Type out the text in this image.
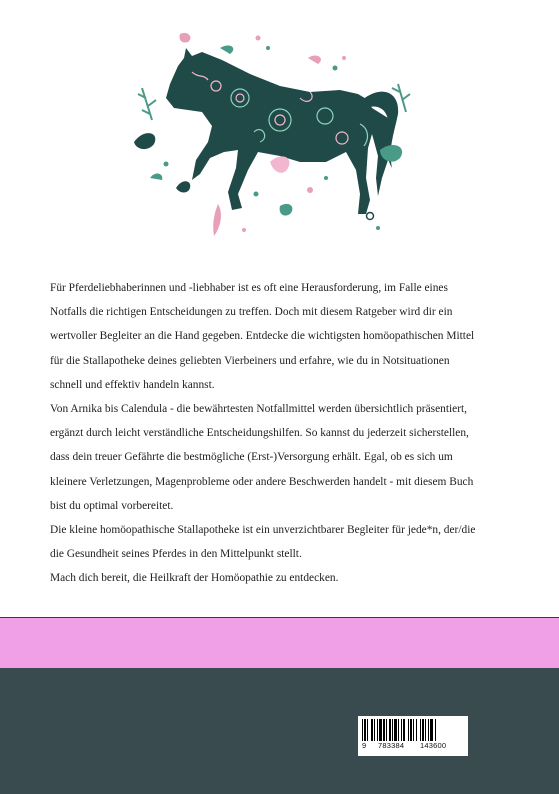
Für Pferdeliebhaberinnen und -liebhaber ist es oft eine Herausforderung, im Falle eines
Notfalls die richtigen Entscheidungen zu treffen. Doch mit diesem Ratgeber wird dir ein
wertvoller Begleiter an die Hand gegeben. Entdecke die wichtigsten homöopathischen Mittel
für die Stallapotheke deines geliebten Vierbeiners und erfahre, wie du in Notsituationen
schnell und effektiv handeln kannst.
Von Arnika bis Calendula - die bewährtesten Notfallmittel werden übersichtlich präsentiert,
ergänzt durch leicht verständliche Entscheidungshilfen. So kannst du jederzeit sicherstellen,
dass dein treuer Gefährte die bestmögliche (Erst-)Versorgung erhält. Egal, ob es sich um
kleinere Verletzungen, Magenprobleme oder andere Beschwerden handelt - mit diesem Buch
bist du optimal vorbereitet.
Die kleine homöopathische Stallapotheke ist ein unverzichtbarer Begleiter für jede*n, der/die
die Gesundheit seines Pferdes in den Mittelpunkt stellt.
Mach dich bereit, die Heilkraft der Homöopathie zu entdecken.
9 783384 143600
